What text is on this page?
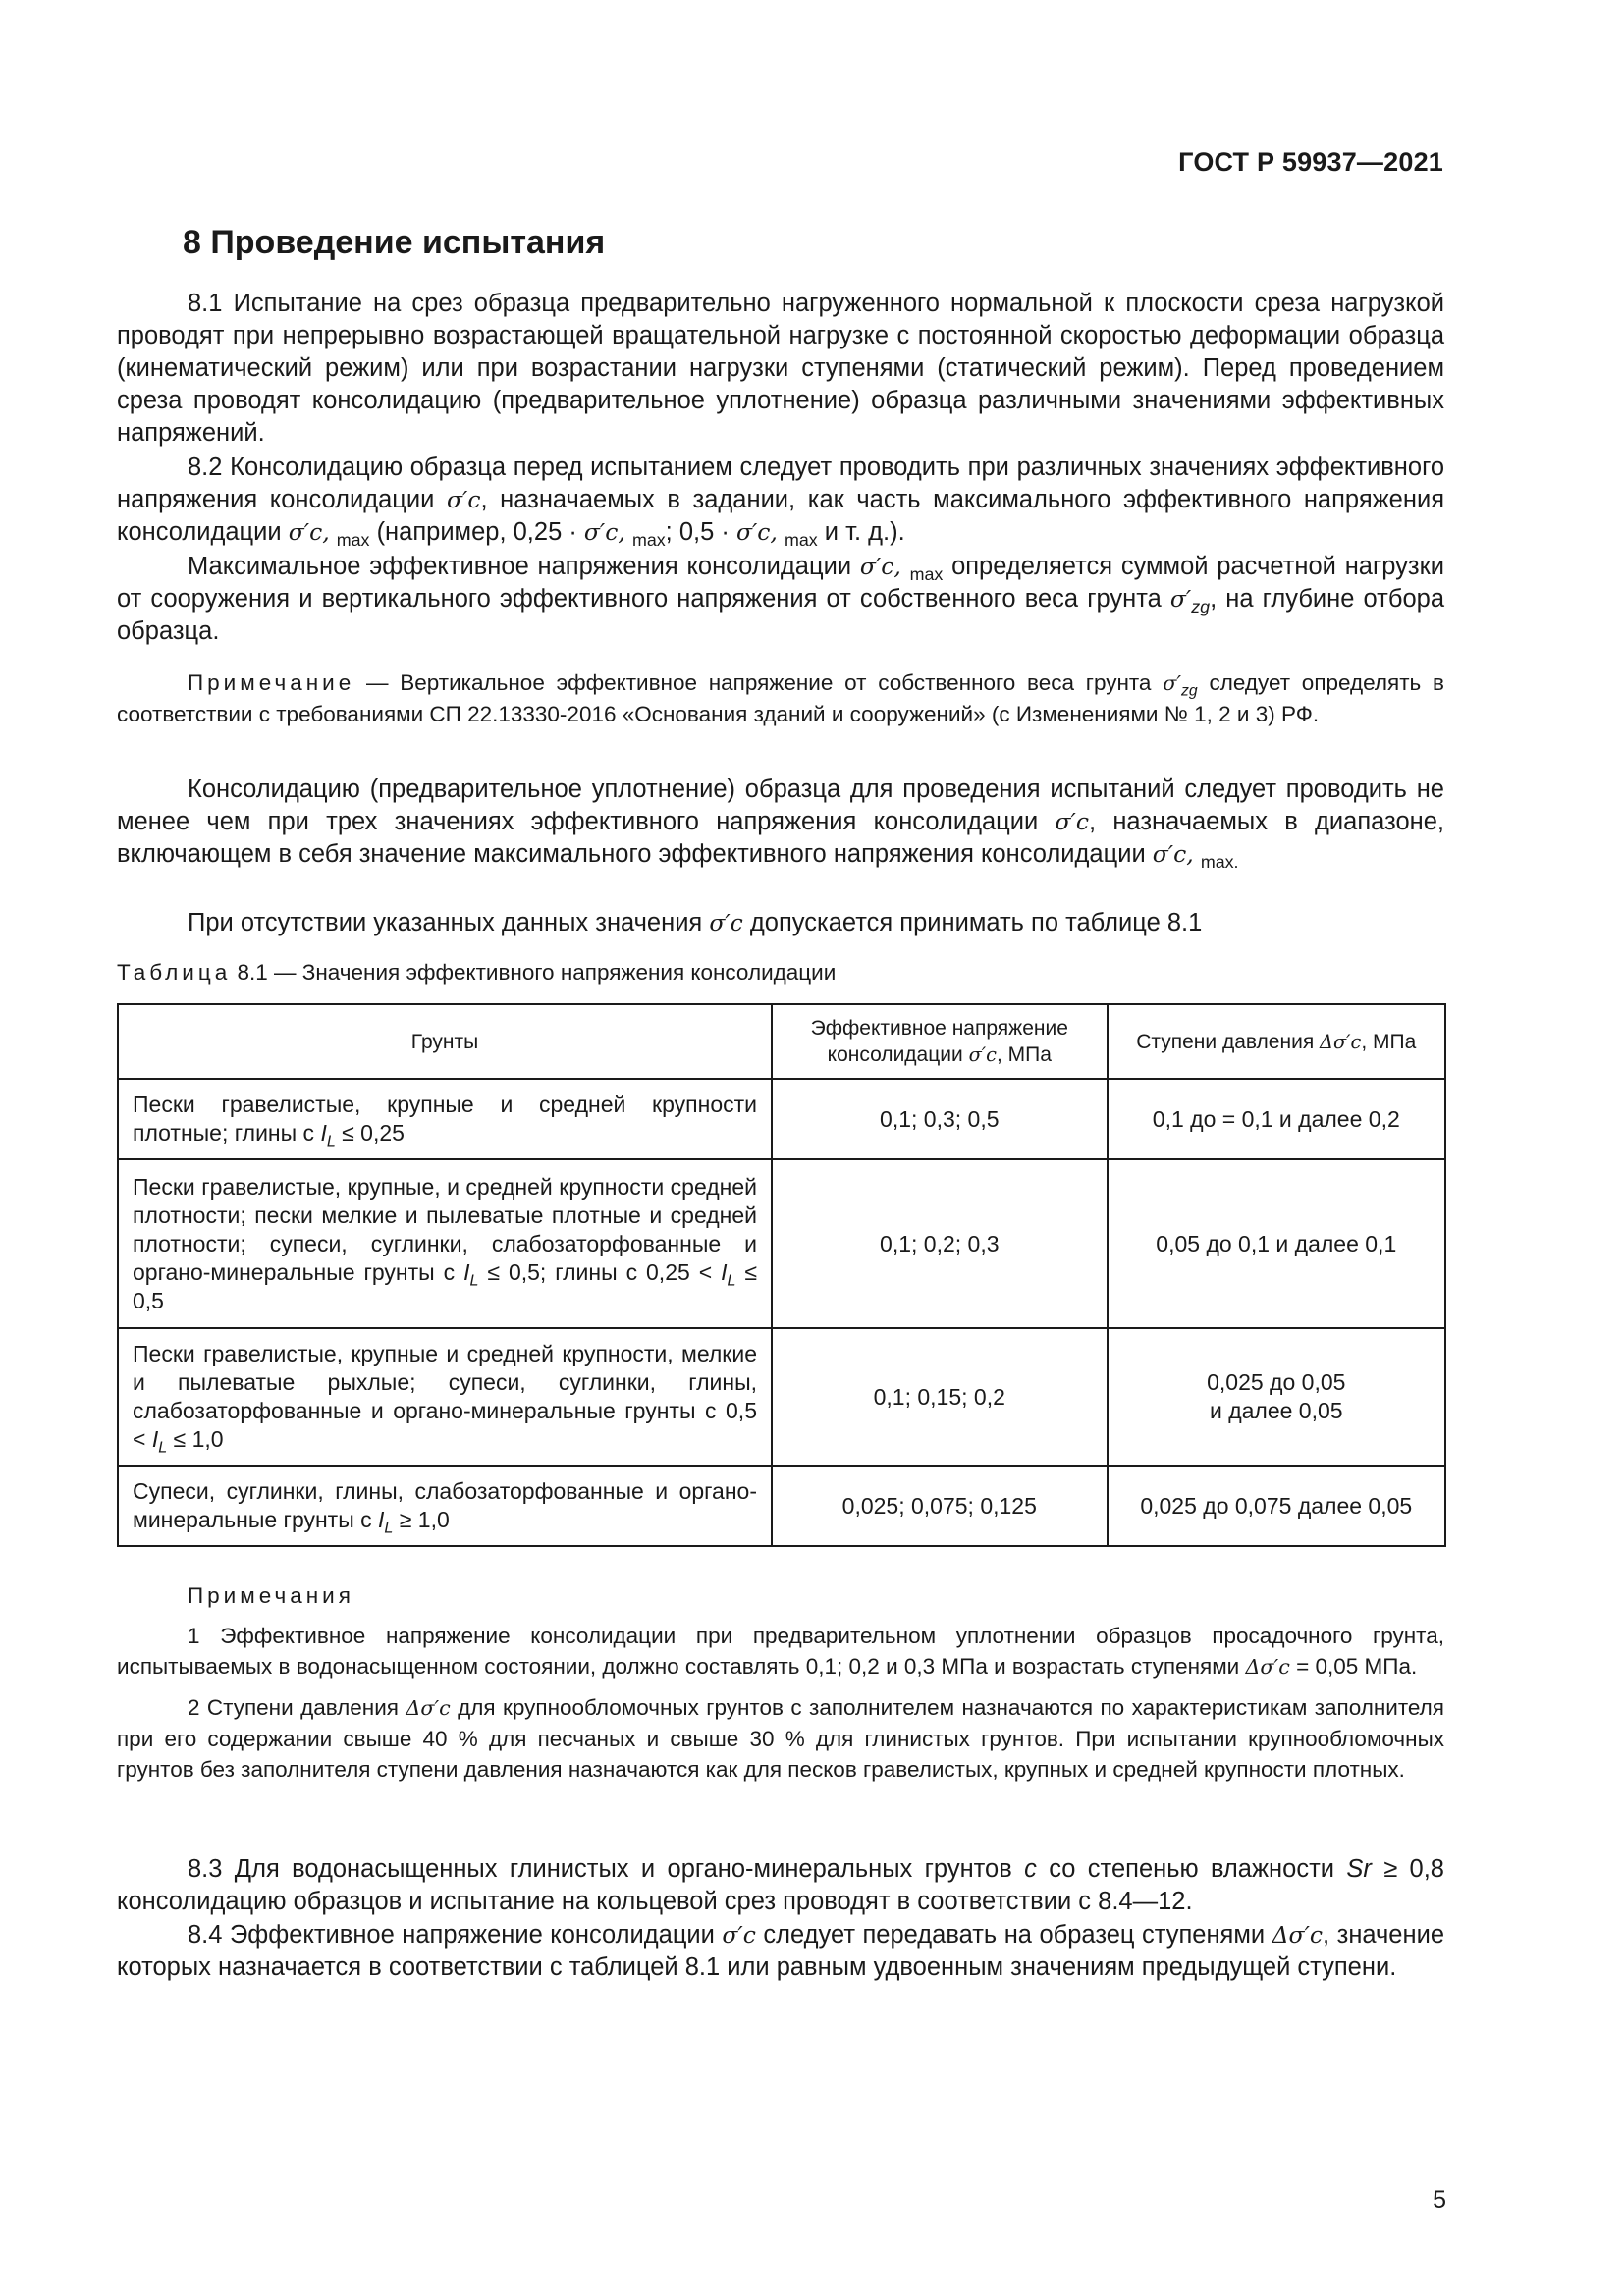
ГОСТ Р 59937—2021
8 Проведение испытания

8.1 Испытание на срез образца предварительно нагруженного нормальной к плоскости среза нагрузкой проводят при непрерывно возрастающей вращательной нагрузке с постоянной скоростью деформации образца (кинематический режим) или при возрастании нагрузки ступенями (статический режим). Перед проведением среза проводят консолидацию (предварительное уплотнение) образца различными значениями эффективных напряжений.

8.2 Консолидацию образца перед испытанием следует проводить при различных значениях эффективного напряжения консолидации σ′c, назначаемых в задании, как часть максимального эффективного напряжения консолидации σ′c, $_{max}$ (например, 0,25 · σ′c, $_{max}$; 0,5 · σ′c, $_{max}$ и т. д.).

Максимальное эффективное напряжения консолидации σ′c, $_{max}$ определяется суммой расчетной нагрузки от сооружения и вертикального эффективного напряжения от собственного веса грунта $\sigma'_{zg}$, на глубине отбора образца.

Примечание — Вертикальное эффективное напряжение от собственного веса грунта $\sigma'_{zg}$ следует определять в соответствии с требованиями СП 22.13330-2016 «Основания зданий и сооружений» (с Изменениями № 1, 2 и 3) РФ.

Консолидацию (предварительное уплотнение) образца для проведения испытаний следует проводить не менее чем при трех значениях эффективного напряжения консолидации σ′c, назначаемых в диапазоне, включающем в себя значение максимального эффективного напряжения консолидации σ′c, $_{max.}$

При отсутствии указанных данных значения σ′c допускается принимать по таблице 8.1

Таблица 8.1 — Значения эффективного напряжения консолидации
Грунты	Эффективное напряжение консолидации σ′c, МПа	Ступени давления Δσ′c, МПа
Пески гравелистые, крупные и средней крупности плотные; глины с $I_L \le 0,25$	0,1; 0,3; 0,5	0,1 до = 0,1 и далее 0,2
Пески гравелистые, крупные, и средней крупности средней плотности; пески мелкие и пылеватые плотные и средней плотности; супеси, суглинки, слабозаторфованные и органо-минеральные грунты с $I_L \le 0,5$; глины с $0,25 < I_L \le 0,5$	0,1; 0,2; 0,3	0,05 до 0,1 и далее 0,1
Пески гравелистые, крупные и средней крупности, мелкие и пылеватые рыхлые; супеси, суглинки, глины, слабозаторфованные и органо-минеральные грунты с $0,5 < I_L \le 1,0$	0,1; 0,15; 0,2	0,025 до 0,05
и далее 0,05

Супеси, суглинки, глины, слабозаторфованные и органо-минеральные грунты с $I_L \ge 1,0$	0,025; 0,075; 0,125	0,025 до 0,075 далее 0,05

Примечания

1 Эффективное напряжение консолидации при предварительном уплотнении образцов просадочного грунта, испытываемых в водонасыщенном состоянии, должно составлять 0,1; 0,2 и 0,3 МПа и возрастать ступенями Δσ′c = 0,05 МПа.

2 Ступени давления Δσ′c для крупнообломочных грунтов с заполнителем назначаются по характеристикам заполнителя при его содержании свыше 40 % для песчаных и свыше 30 % для глинистых грунтов. При испытании крупнообломочных грунтов без заполнителя ступени давления назначаются как для песков гравелистых, крупных и средней крупности плотных.

8.3 Для водонасыщенных глинистых и органо-минеральных грунтов c со степенью влажности Sr ≥ 0,8 консолидацию образцов и испытание на кольцевой срез проводят в соответствии с 8.4—12.

8.4 Эффективное напряжение консолидации σ′c следует передавать на образец ступенями Δσ′c, значение которых назначается в соответствии с таблицей 8.1 или равным удвоенным значениям предыдущей ступени.

5
